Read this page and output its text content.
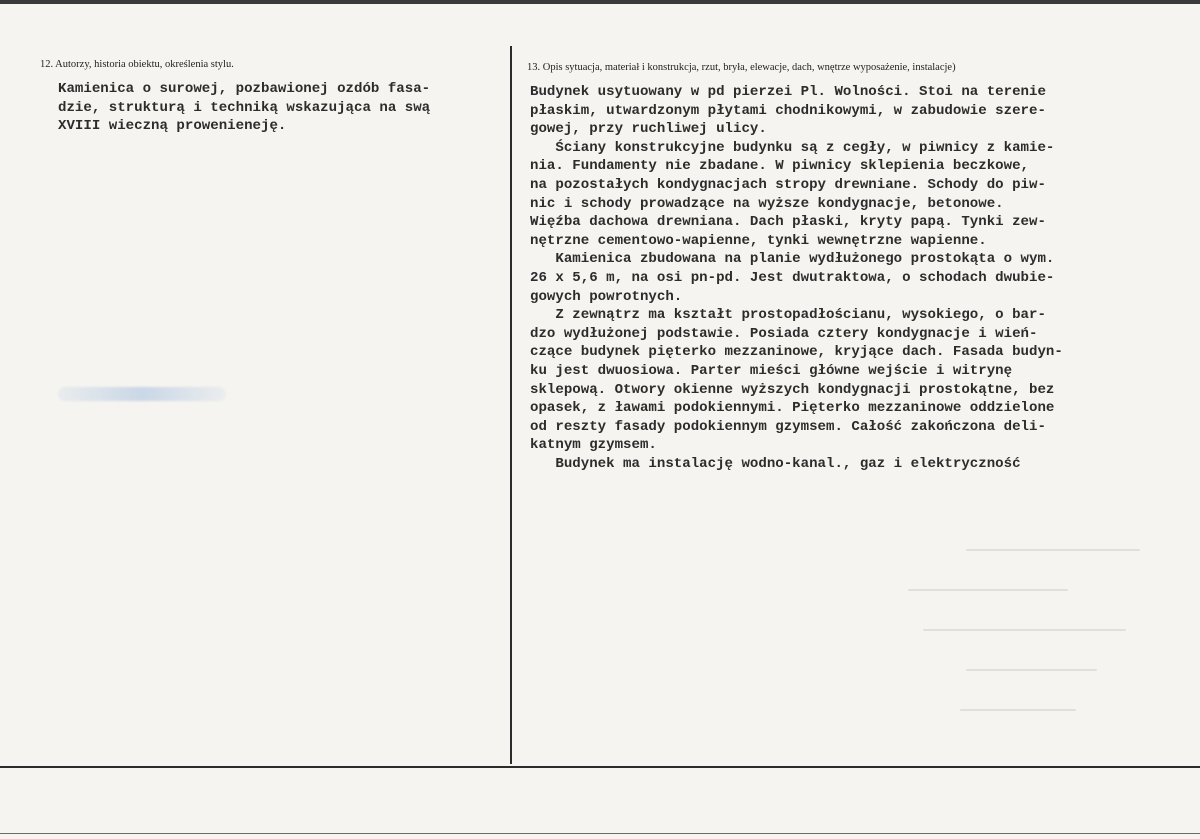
12. Autorzy, historia obiektu, określenia stylu.
Kamienica o surowej, pozbawionej ozdób fasa-
dzie, strukturą i techniką wskazująca na swą
XVIII wieczną prowenieneję.
13. Opis sytuacja, materiał i konstrukcja, rzut, bryła, elewacje, dach, wnętrze wyposażenie, instalacje)
Budynek usytuowany w pd pierzei Pl. Wolności. Stoi na terenie
płaskim, utwardzonym płytami chodnikowymi, w zabudowie szere-
gowej, przy ruchliwej ulicy.
Ściany konstrukcyjne budynku są z cegły, w piwnicy z kamie-
nia. Fundamenty nie zbadane. W piwnicy sklepienia beczkowe,
na pozostałych kondygnacjach stropy drewniane. Schody do piw-
nic i schody prowadzące na wyższe kondygnacje, betonowe.
Więźba dachowa drewniana. Dach płaski, kryty papą. Tynki zew-
nętrzne cementowo-wapienne, tynki wewnętrzne wapienne.
Kamienica zbudowana na planie wydłużonego prostokąta o wym.
26 x 5,6 m, na osi pn-pd. Jest dwutraktowa, o schodach dwubie-
gowych powrotnych.
Z zewnątrz ma kształt prostopadłościanu, wysokiego, o bar-
dzo wydłużonej podstawie. Posiada cztery kondygnacje i wień-
czące budynek pięterko mezzaninowe, kryjące dach. Fasada budyn-
ku jest dwuosiowa. Parter mieści główne wejście i witrynę
sklepową. Otwory okienne wyższych kondygnacji prostokątne, bez
opasek, z ławami podokiennymi. Pięterko mezzaninowe oddzielone
od reszty fasady podokiennym gzymsem. Całość zakończona deli-
katnym gzymsem.
Budynek ma instalację wodno-kanal., gaz i elektryczność
